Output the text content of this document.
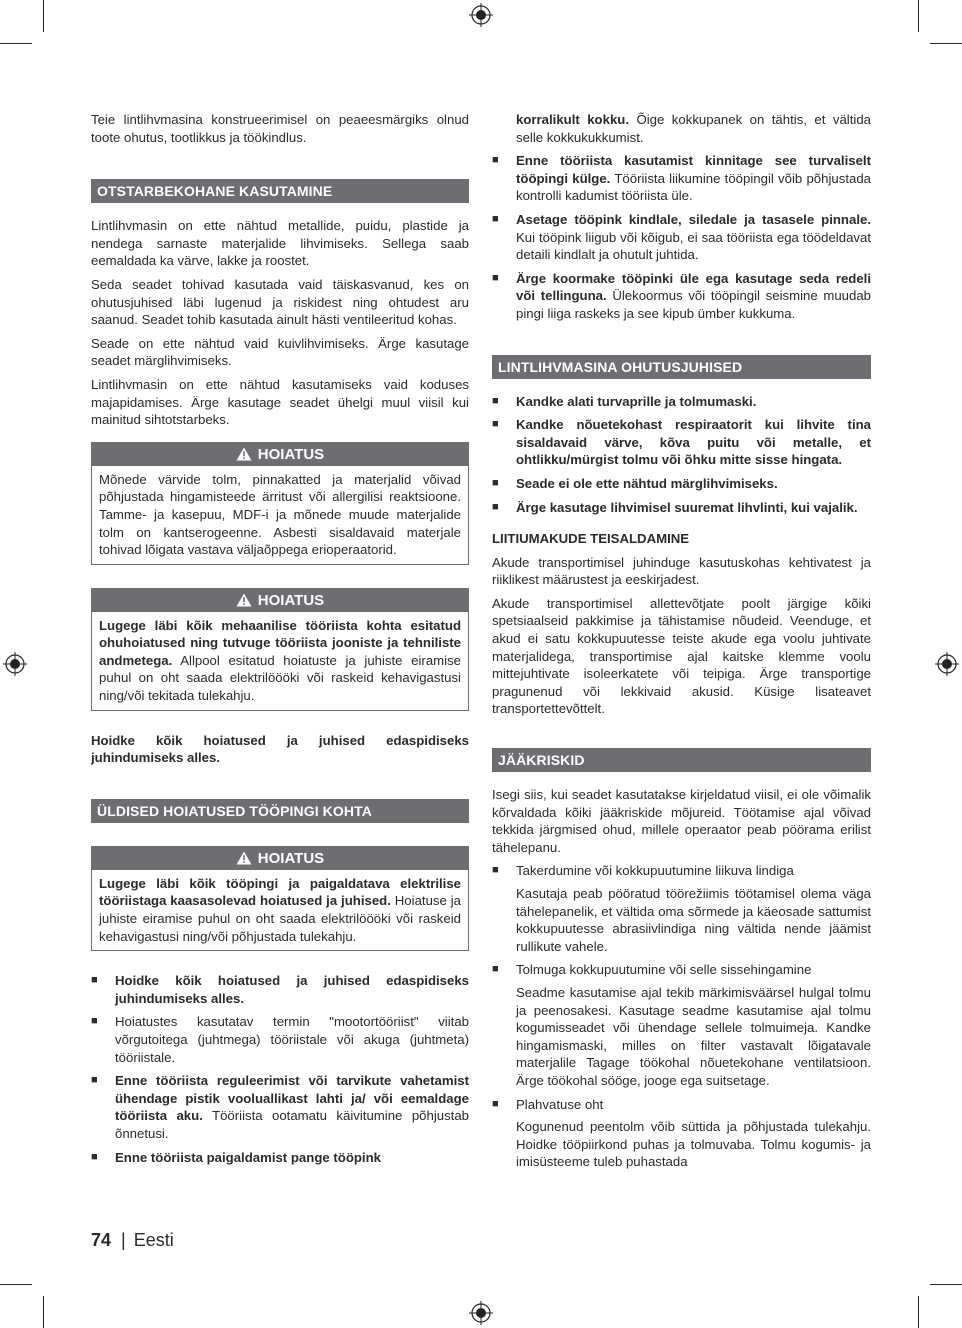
Teie lintlihvmasina konstrueerimisel on peaeesmärgiks olnud toote ohutus, tootlikkus ja töökindlus.

OTSTARBEKOHANE KASUTAMINE

Lintlihvmasin on ette nähtud metallide, puidu, plastide ja nendega sarnaste materjalide lihvimiseks. Sellega saab eemaldada ka värve, lakke ja roostet.

Seda seadet tohivad kasutada vaid täiskasvanud, kes on ohutusjuhised läbi lugenud ja riskidest ning ohtudest aru saanud. Seadet tohib kasutada ainult hästi ventileeritud kohas.

Seade on ette nähtud vaid kuivlihvimiseks. Ärge kasutage seadet märglihvimiseks.

Lintlihvmasin on ette nähtud kasutamiseks vaid koduses majapidamises. Ärge kasutage seadet ühelgi muul viisil kui mainitud sihtotstarbeks.

HOIATUS

Mõnede värvide tolm, pinnakatted ja materjalid võivad põhjustada hingamisteede ärritust või allergilisi reaktsioone. Tamme- ja kasepuu, MDF-i ja mõnede muude materjalide tolm on kantserogeenne. Asbesti sisaldavaid materjale tohivad lõigata vastava väljaõppega erioperaatorid.

HOIATUS

Lugege läbi kõik mehaanilise tööriista kohta esitatud ohuhoiatused ning tutvuge tööriista jooniste ja tehniliste andmetega. Allpool esitatud hoiatuste ja juhiste eiramise puhul on oht saada elektrilöööki või raskeid kehavigastusi ning/või tekitada tulekahju.

Hoidke kõik hoiatused ja juhised edaspidiseks juhindumiseks alles.

ÜLDISED HOIATUSED TÖÖPINGI KOHTA
HOIATUS

Lugege läbi kõik tööpingi ja paigaldatava elektrilise tööriistaga kaasasolevad hoiatused ja juhised. Hoiatuse ja juhiste eiramise puhul on oht saada elektrilöööki või raskeid kehavigastusi ning/või põhjustada tulekahju.

■ Hoidke kõik hoiatused ja juhised edaspidiseks juhindumiseks alles.
■ Hoiatustes kasutatav termin "mootortööriist" viitab võrgutoitega (juhtmega) tööriistale või akuga (juhtmeta) tööriistale.
■ Enne tööriista reguleerimist või tarvikute vahetamist ühendage pistik vooluallikast lahti ja/ või eemaldage tööriista aku. Tööriista ootamatu käivitumine põhjustab õnnetusi.
■ Enne tööriista paigaldamist pange tööpink
korralikult kokku. Õige kokkupanek on tähtis, et vältida selle kokkukukkumist.
■ Enne tööriista kasutamist kinnitage see turvaliselt tööpingi külge. Tööriista liikumine tööpingil võib põhjustada kontrolli kadumist tööriista üle.
■ Asetage tööpink kindlale, siledale ja tasasele pinnale. Kui tööpink liigub või kõigub, ei saa tööriista ega töödeldavat detaili kindlalt ja ohutult juhtida.
■ Ärge koormake tööpinki üle ega kasutage seda redeli või tellinguna. Ülekoormus või tööpingil seismine muudab pingi liiga raskeks ja see kipub ümber kukkuma.
LINTLIHVMASINA OHUTUSJUHISED
■ Kandke alati turvaprille ja tolmumaski.
■ Kandke nõuetekohast respiraatorit kui lihvite tina sisaldavaid värve, kõva puitu või metalle, et ohtlikku/mürgist tolmu või õhku mitte sisse hingata.
■ Seade ei ole ette nähtud märglihvimiseks.
■ Ärge kasutage lihvimisel suuremat lihvlinti, kui vajalik.
LIITIUMAKUDE TEISALDAMINE

Akude transportimisel juhinduge kasutuskohas kehtivatest ja riiklikest määrustest ja eeskirjadest.

Akude transportimisel allettevõtjate poolt järgige kõiki spetsiaalseid pakkimise ja tähistamise nõudeid. Veenduge, et akud ei satu kokkupuutesse teiste akude ega voolu juhtivate materjalidega, transportimise ajal kaitske klemme voolu mittejuhtivate isoleerkatete või teipiga. Ärge transportige pragunenud või lekkivaid akusid. Küsige lisateavet transportettevõttelt.

JÄÄKRISKID

Isegi siis, kui seadet kasutatakse kirjeldatud viisil, ei ole võimalik kõrvaldada kõiki jääkriskide mõjureid. Töötamise ajal võivad tekkida järgmised ohud, millele operaator peab pöörama erilist tähelepanu.

■ Takerdumine või kokkupuutumine liikuva lindiga

Kasutaja peab pööratud töörežiimis töötamisel olema väga tähelepanelik, et vältida oma sõrmede ja käeosade sattumist kokkupuutesse abrasiivlindiga ning vältida nende jäämist rullikute vahele.

■ Tolmuga kokkupuutumine või selle sissehingamine

Seadme kasutamise ajal tekib märkimisväärsel hulgal tolmu ja peenosakesi. Kasutage seadme kasutamise ajal tolmu kogumisseadet või ühendage sellele tolmuimeja. Kandke hingamismaski, milles on filter vastavalt lõigatavale materjalile Tagage töökohal nõuetekohane ventilatsioon. Ärge töökohal sööge, jooge ega suitsetage.

■ Plahvatuse oht

Kogunenud peentolm võib süttida ja põhjustada tulekahju. Hoidke tööpiirkond puhas ja tolmuvaba. Tolmu kogumis- ja imisüsteeme tuleb puhastada

74 | Eesti
